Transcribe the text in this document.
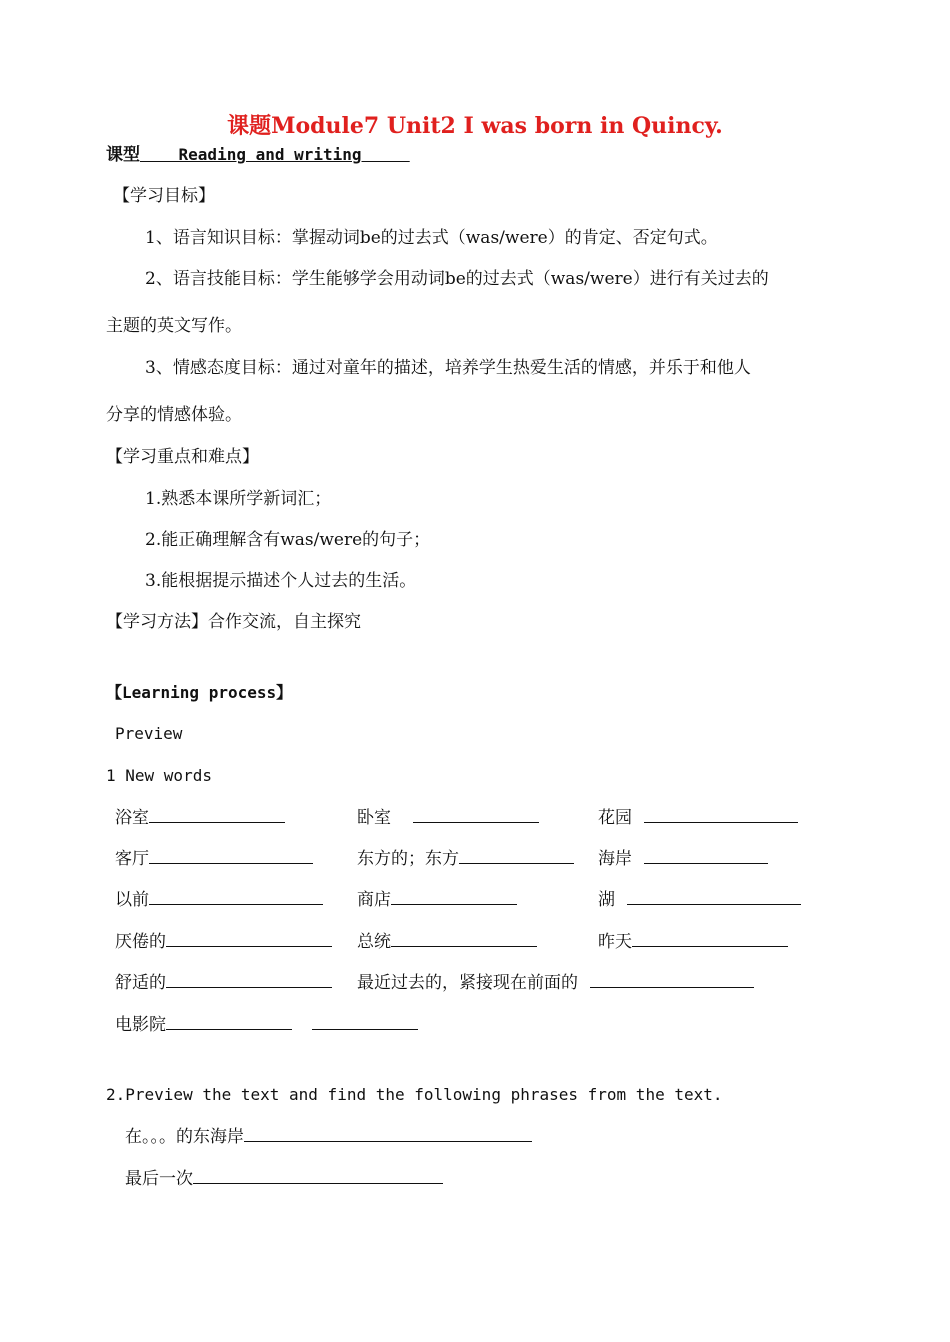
课题Module7 Unit2 I was born in Quincy.
课型    Reading and writing
【学习目标】
1、语言知识目标：掌握动词be的过去式（was/were）的肯定、否定句式。
2、语言技能目标：学生能够学会用动词be的过去式（was/were）进行有关过去的
主题的英文写作。
3、情感态度目标：通过对童年的描述，培养学生热爱生活的情感，并乐于和他人
分享的情感体验。
【学习重点和难点】
1.熟悉本课所学新词汇；
2.能正确理解含有was/were的句子；
3.能根据提示描述个人过去的生活。
【学习方法】合作交流，自主探究
【Learning process】
Preview
1 New words
浴室	卧室	花园
客厅	东方的；东方	海岸
以前	商店	湖
厌倦的	总统	昨天
舒适的	最近过去的，紧接现在前面的
电影院
2.Preview the text and find the following phrases from the text.
在。。。的东海岸
最后一次
